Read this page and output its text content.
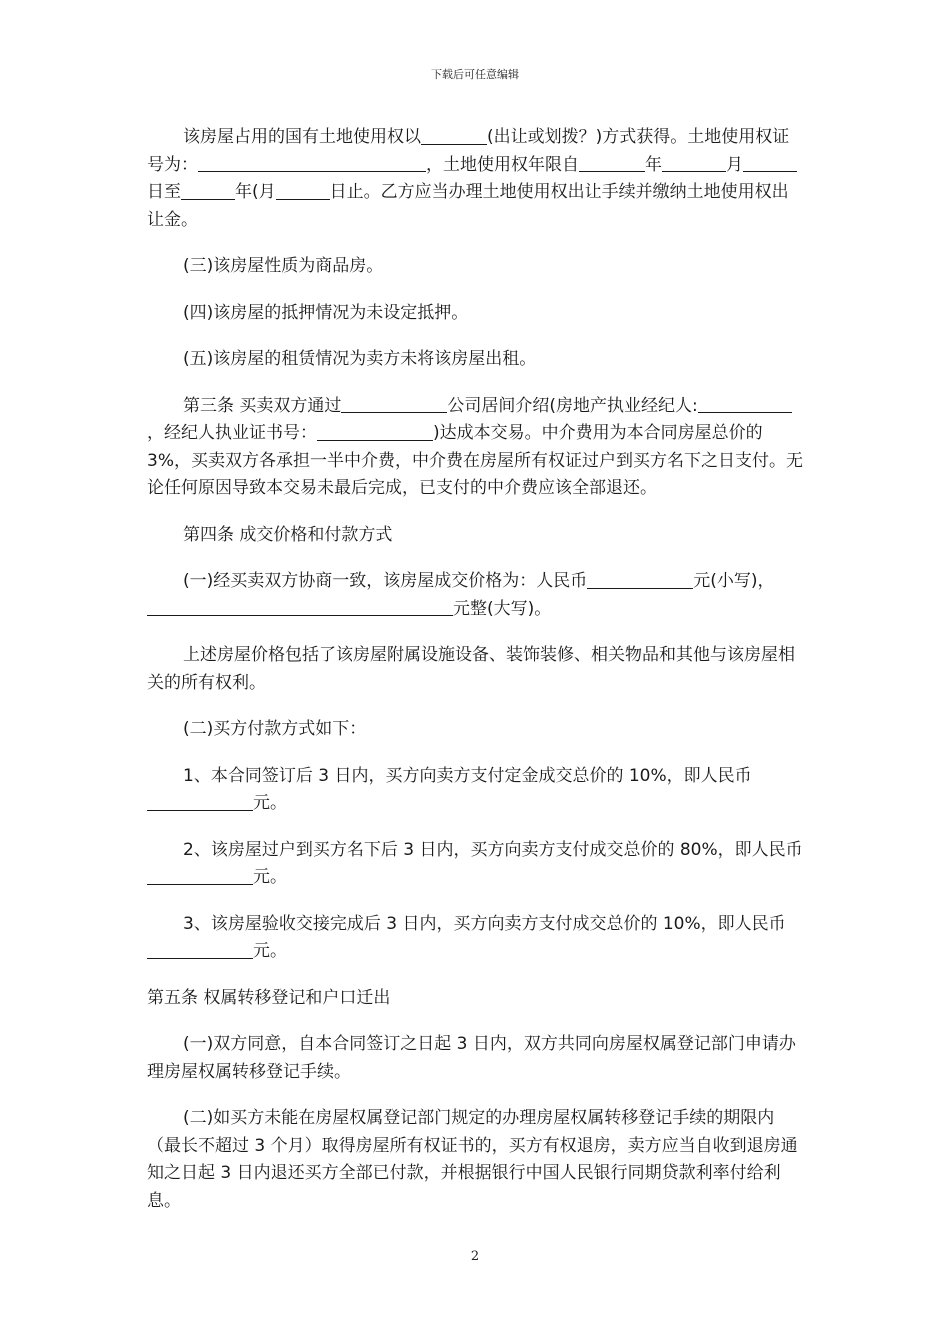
下载后可任意编辑

该房屋占用的国有土地使用权以	(出让或划拨？)方式获得。土地使用权证号为：	，土地使用权年限自	年	月日至	年(月	日止。乙方应当办理土地使用权出让手续并缴纳土地使用权出让金。

(三)该房屋性质为商品房。

(四)该房屋的抵押情况为未设定抵押。

(五)该房屋的租赁情况为卖方未将该房屋出租。

第三条 买卖双方通过	公司居间介绍(房地产执业经纪人:，经纪人执业证书号：	)达成本交易。中介费用为本合同房屋总价的 3%，买卖双方各承担一半中介费，中介费在房屋所有权证过户到买方名下之日支付。无论任何原因导致本交易未最后完成，已支付的中介费应该全部退还。

第四条 成交价格和付款方式

(一)经买卖双方协商一致，该房屋成交价格为：人民币	元(小写)，元整(大写)。

上述房屋价格包括了该房屋附属设施设备、装饰装修、相关物品和其他与该房屋相关的所有权利。

(二)买方付款方式如下：

1、本合同签订后 3 日内，买方向卖方支付定金成交总价的 10%，即人民币元。

2、该房屋过户到买方名下后 3 日内，买方向卖方支付成交总价的 80%，即人民币元。

3、该房屋验收交接完成后 3 日内，买方向卖方支付成交总价的 10%，即人民币元。

第五条 权属转移登记和户口迁出

(一)双方同意，自本合同签订之日起 3 日内，双方共同向房屋权属登记部门申请办理房屋权属转移登记手续。

(二)如买方未能在房屋权属登记部门规定的办理房屋权属转移登记手续的期限内（最长不超过 3 个月）取得房屋所有权证书的，买方有权退房，卖方应当自收到退房通知之日起 3 日内退还买方全部已付款，并根据银行中国人民银行同期贷款利率付给利息。

2
